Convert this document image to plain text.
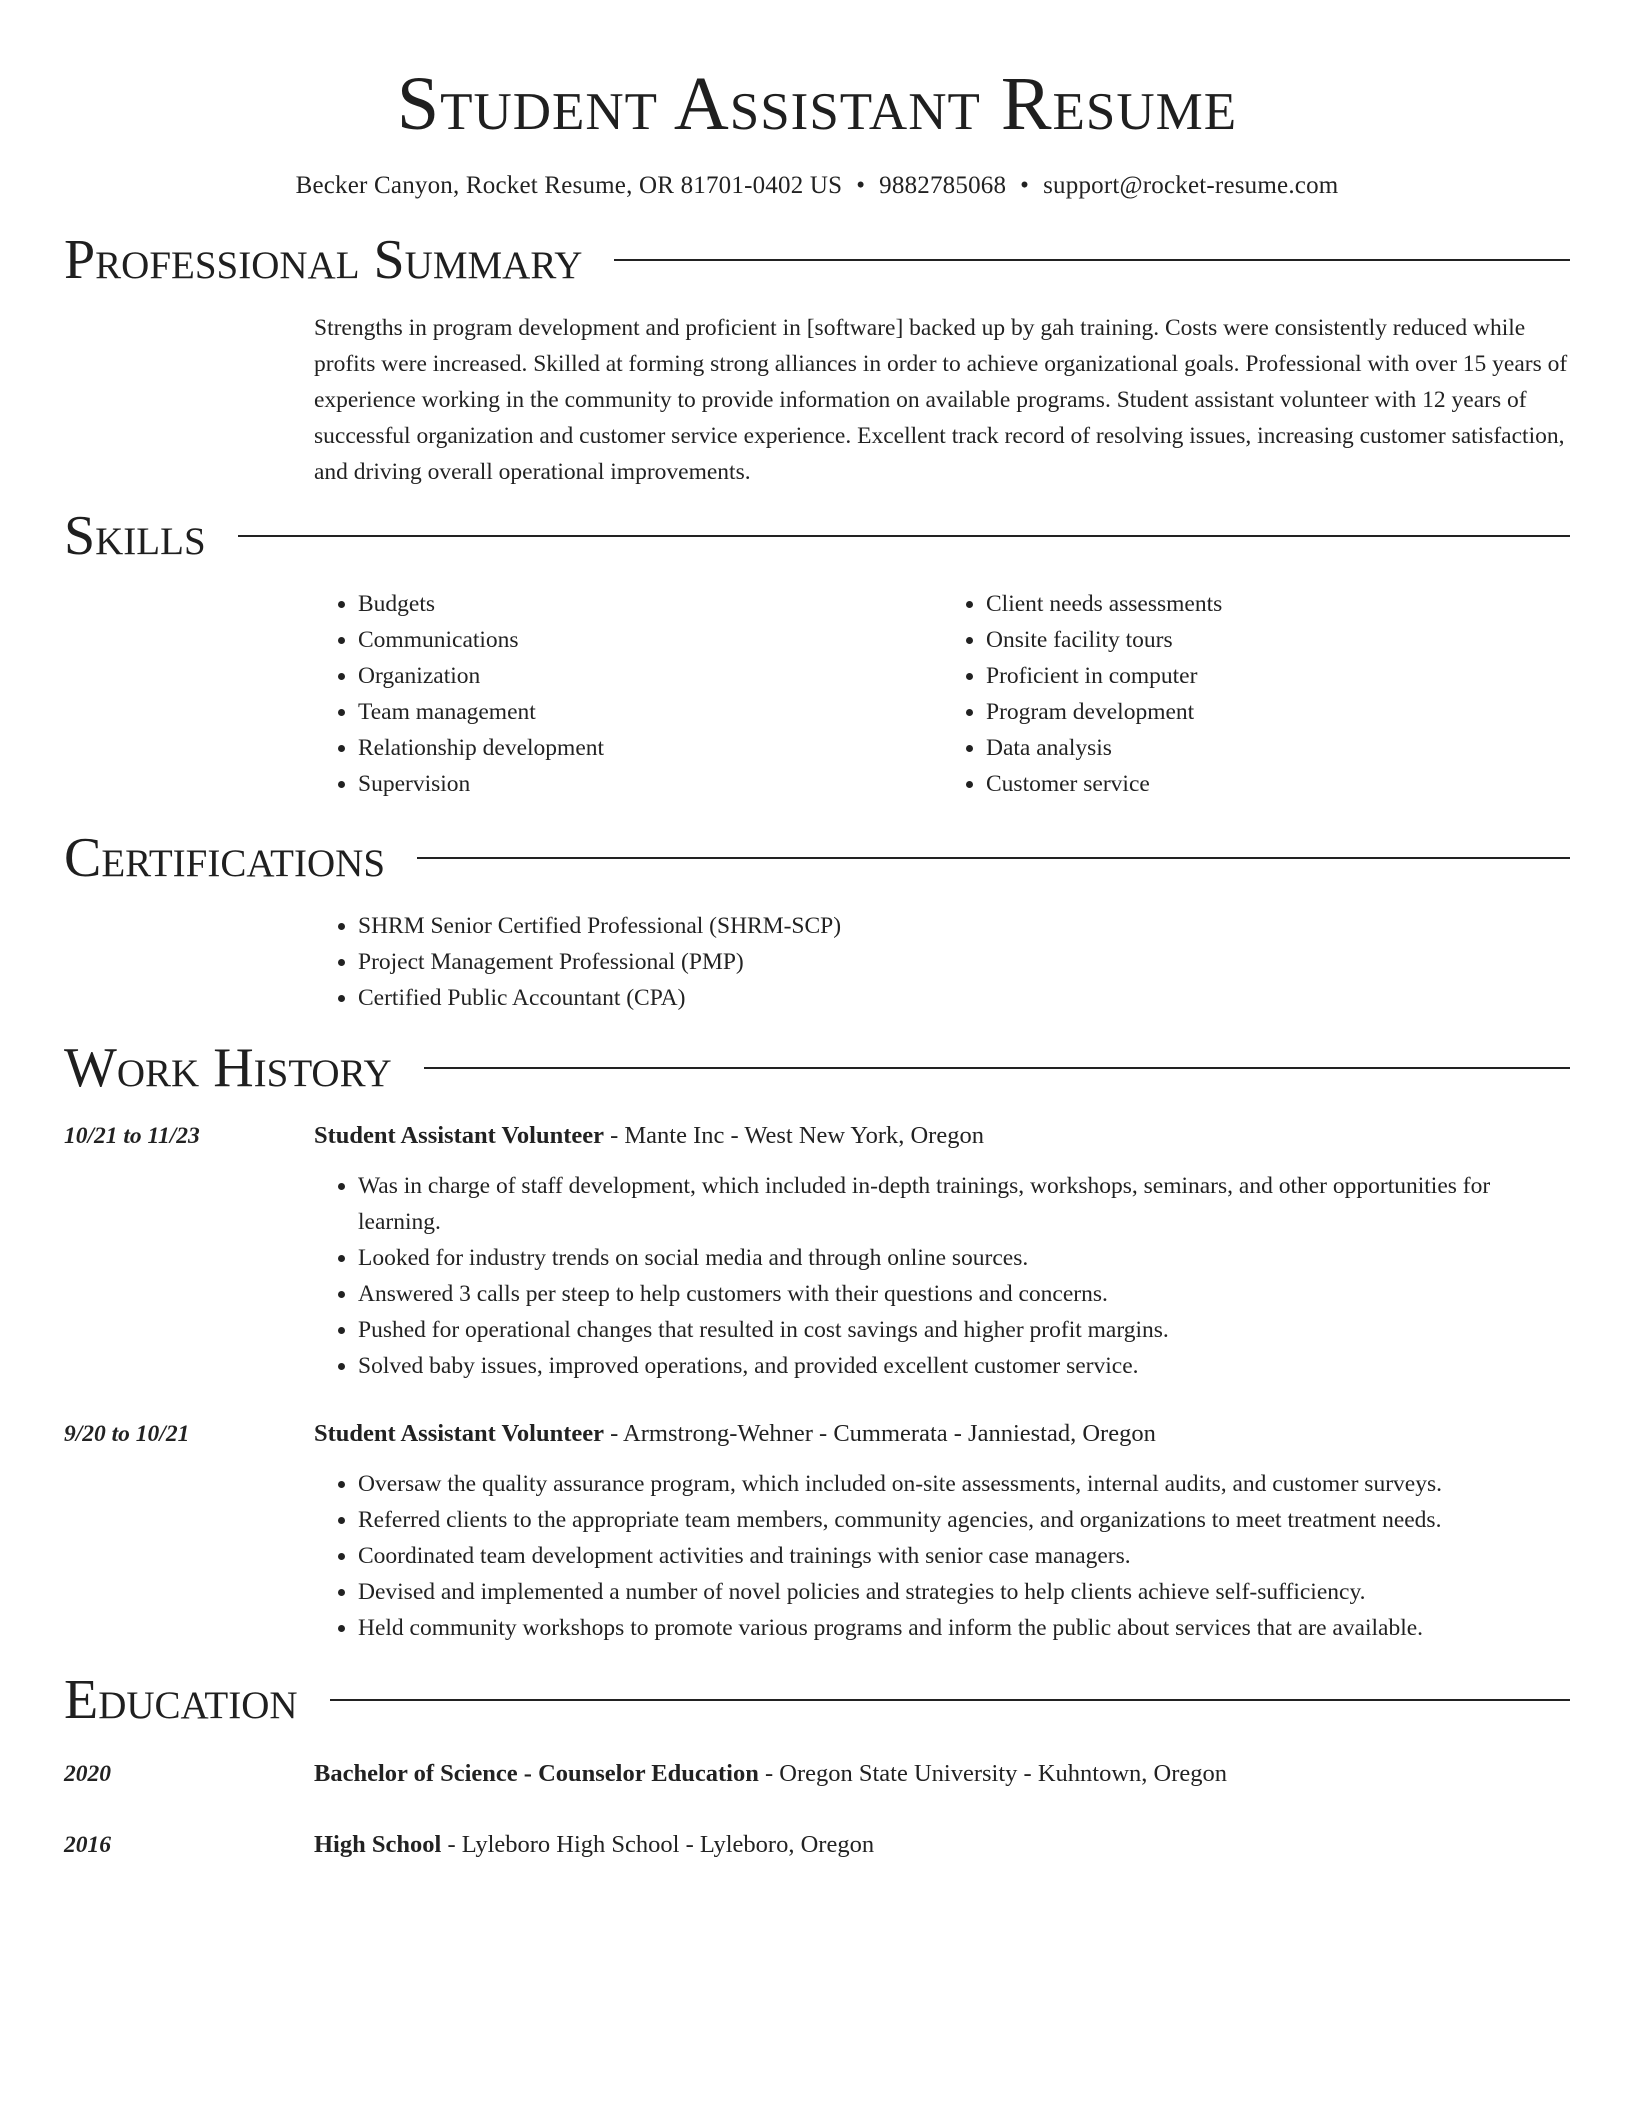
Student Assistant Resume
Becker Canyon, Rocket Resume, OR 81701-0402 US • 9882785068 • support@rocket-resume.com
Professional Summary
Strengths in program development and proficient in [software] backed up by gah training. Costs were consistently reduced while profits were increased. Skilled at forming strong alliances in order to achieve organizational goals. Professional with over 15 years of experience working in the community to provide information on available programs. Student assistant volunteer with 12 years of successful organization and customer service experience. Excellent track record of resolving issues, increasing customer satisfaction, and driving overall operational improvements.
Skills
• Budgets
• Communications
• Organization
• Team management
• Relationship development
• Supervision
• Client needs assessments
• Onsite facility tours
• Proficient in computer
• Program development
• Data analysis
• Customer service
Certifications
• SHRM Senior Certified Professional (SHRM-SCP)
• Project Management Professional (PMP)
• Certified Public Accountant (CPA)
Work History
10/21 to 11/23	Student Assistant Volunteer - Mante Inc - West New York, Oregon
• Was in charge of staff development, which included in-depth trainings, workshops, seminars, and other opportunities for learning.
• Looked for industry trends on social media and through online sources.
• Answered 3 calls per steep to help customers with their questions and concerns.
• Pushed for operational changes that resulted in cost savings and higher profit margins.
• Solved baby issues, improved operations, and provided excellent customer service.
9/20 to 10/21	Student Assistant Volunteer - Armstrong-Wehner - Cummerata - Janniestad, Oregon
• Oversaw the quality assurance program, which included on-site assessments, internal audits, and customer surveys.
• Referred clients to the appropriate team members, community agencies, and organizations to meet treatment needs.
• Coordinated team development activities and trainings with senior case managers.
• Devised and implemented a number of novel policies and strategies to help clients achieve self-sufficiency.
• Held community workshops to promote various programs and inform the public about services that are available.
Education
2020	Bachelor of Science - Counselor Education - Oregon State University - Kuhntown, Oregon
2016	High School - Lyleboro High School - Lyleboro, Oregon
